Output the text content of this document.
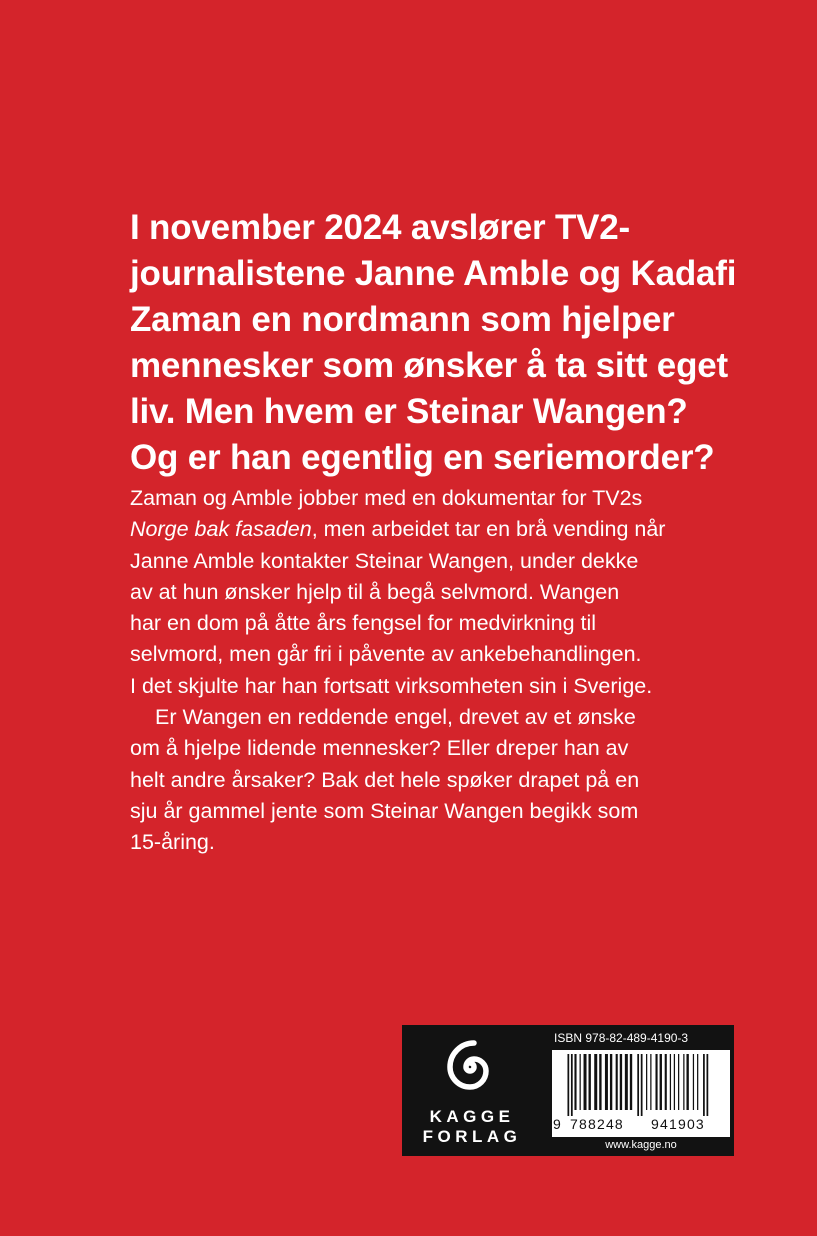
I november 2024 avslører TV2-
journalistene Janne Amble og Kadafi
Zaman en nordmann som hjelper
mennesker som ønsker å ta sitt eget
liv. Men hvem er Steinar Wangen?
Og er han egentlig en seriemorder?
Zaman og Amble jobber med en dokumentar for TV2s
Norge bak fasaden, men arbeidet tar en brå vending når
Janne Amble kontakter Steinar Wangen, under dekke
av at hun ønsker hjelp til å begå selvmord. Wangen
har en dom på åtte års fengsel for medvirkning til
selvmord, men går fri i påvente av ankebehandlingen.
I det skjulte har han fortsatt virksomheten sin i Sverige.
Er Wangen en reddende engel, drevet av et ønske
om å hjelpe lidende mennesker? Eller dreper han av
helt andre årsaker? Bak det hele spøker drapet på en
sju år gammel jente som Steinar Wangen begikk som
15-åring.
KAGGE
FORLAG
ISBN 978-82-489-4190-3
9 788248 941903
www.kagge.no
